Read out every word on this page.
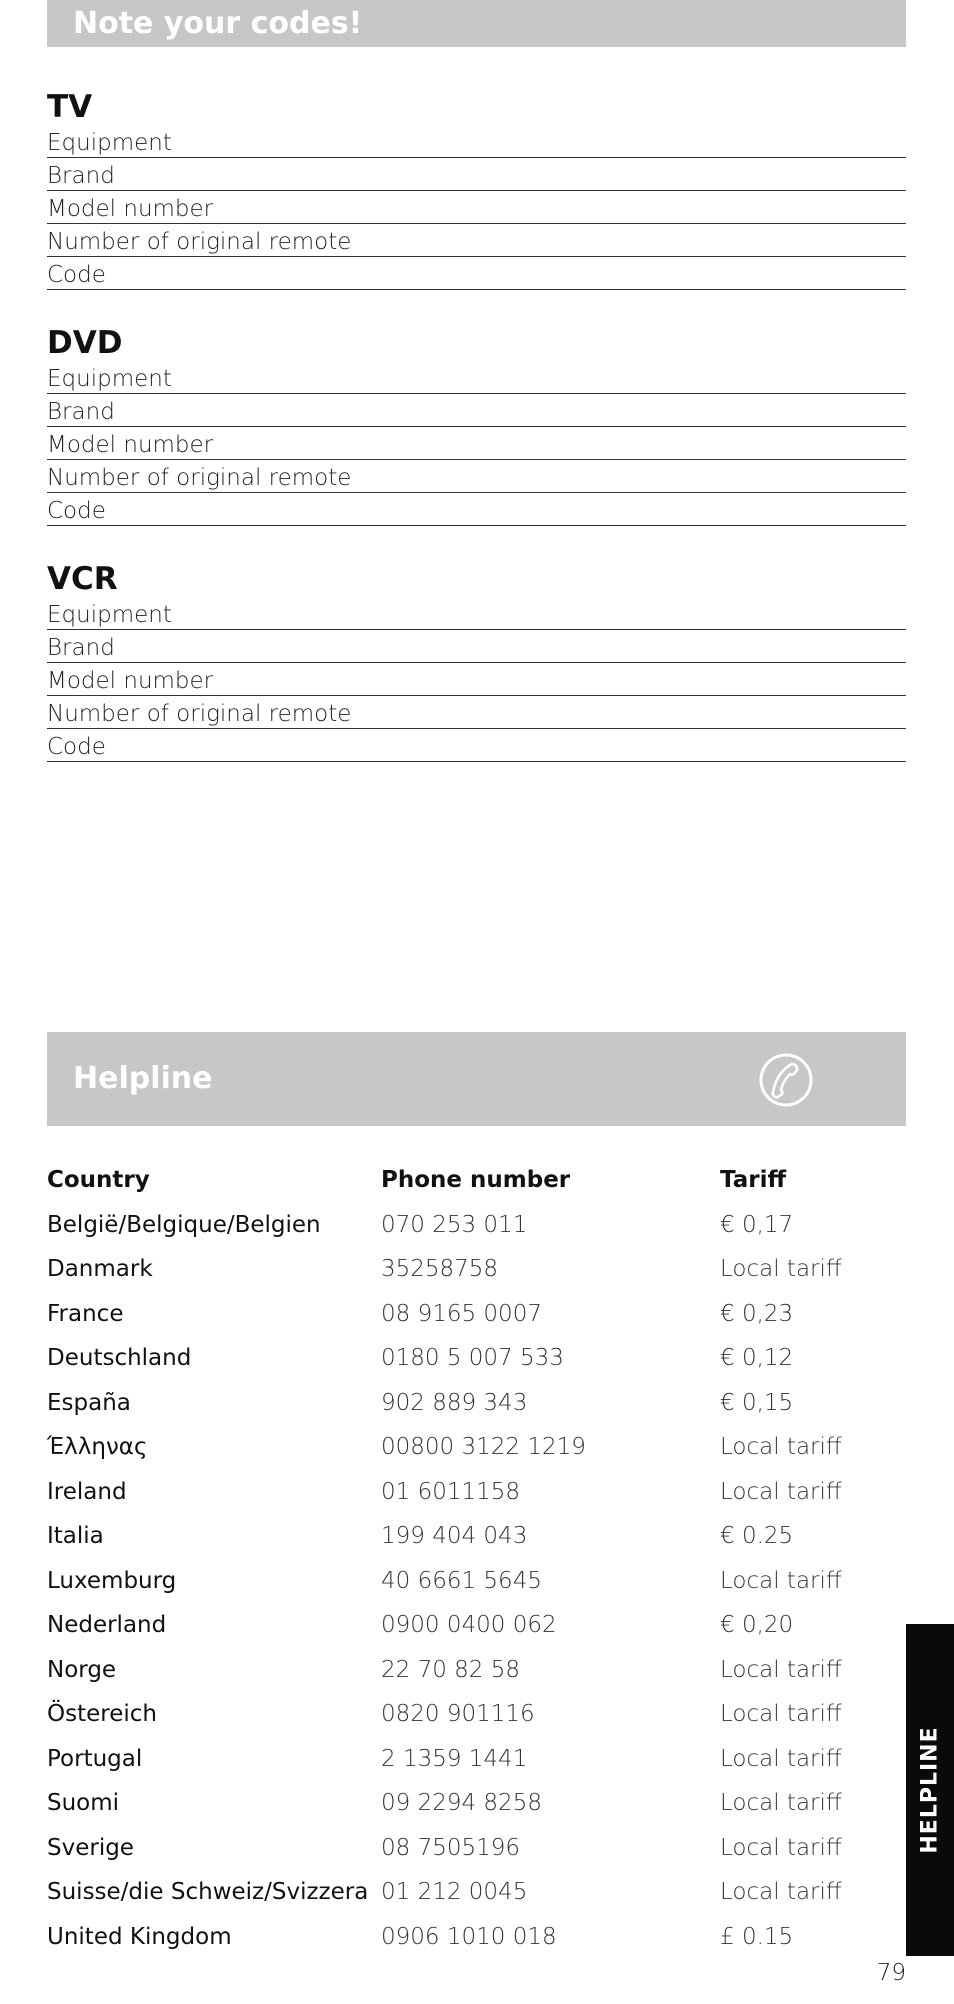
Note your codes!
TV
Equipment
Brand
Model number
Number of original remote
Code
DVD
Equipment
Brand
Model number
Number of original remote
Code
VCR
Equipment
Brand
Model number
Number of original remote
Code
Helpline
Country	Phone number	Tariff
België/Belgique/Belgien	070 253 011	€ 0,17
Danmark	35258758	Local tariff
France	08 9165 0007	€ 0,23
Deutschland	0180 5 007 533	€ 0,12
España	902 889 343	€ 0,15
Έλληνας	00800 3122 1219	Local tariff
Ireland	01 6011158	Local tariff
Italia	199 404 043	€ 0.25
Luxemburg	40 6661 5645	Local tariff
Nederland	0900 0400 062	€ 0,20
Norge	22 70 82 58	Local tariff
Östereich	0820 901116	Local tariff
Portugal	2 1359 1441	Local tariff
Suomi	09 2294 8258	Local tariff
Sverige	08 7505196	Local tariff
Suisse/die Schweiz/Svizzera 01 212 0045	Local tariff
United Kingdom	0906 1010 018	£ 0.15
HELPLINE
79
